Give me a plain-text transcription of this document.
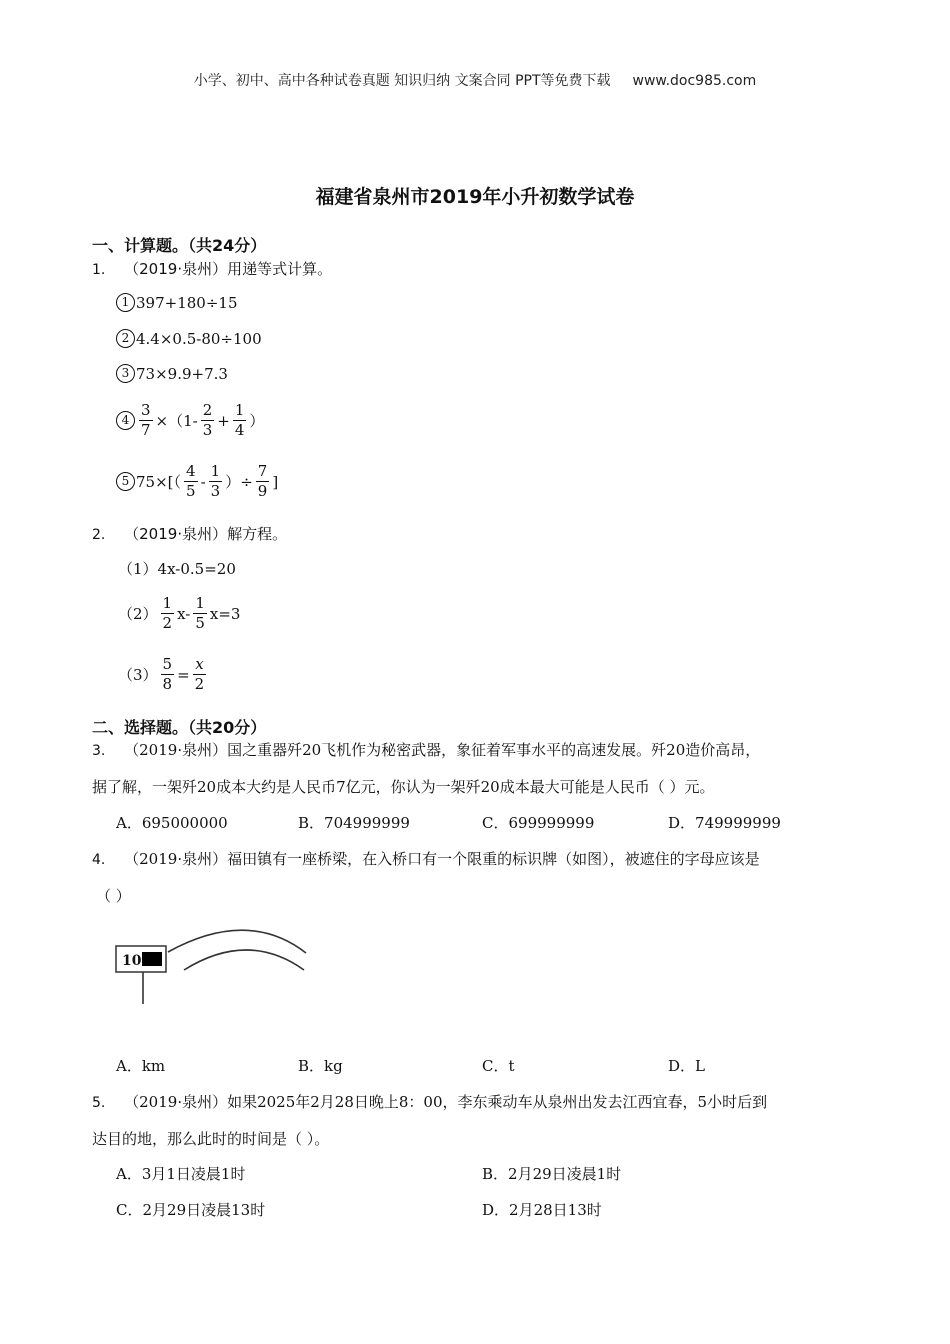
小学、初中、高中各种试卷真题 知识归纳 文案合同 PPT等免费下载 www.doc985.com
福建省泉州市2019年小升初数学试卷
一、计算题。（共24分）
1. （2019·泉州）用递等式计算。
1 397+180÷15
2 4.4×0.5-80÷100
3 73×9.9+7.3
$4 \frac{3}{7} \times(1- \frac{2}{3} + \frac{1}{4}$ ）
5 $75\times[( \frac{4}{5} - \frac{1}{3}$ ）÷ $\frac{7}{9}$ ]
2. （2019·泉州）解方程。
（1）4x-0.5=20
$(2) \frac{1}{2} x- \frac{1}{5} x=3$
$(3) \frac{5}{8} = \frac{x}{2}$
二、选择题。（共20分）
3. （2019·泉州）国之重器歼20飞机作为秘密武器，象征着军事水平的高速发展。歼20造价高昂，
据了解，一架歼20成本大约是人民币7亿元，你认为一架歼20成本最大可能是人民币（ ）元。
A．695000000	B．704999999	C．699999999	D．749999999
4. （2019·泉州）福田镇有一座桥梁，在入桥口有一个限重的标识牌（如图），被遮住的字母应该是
（ ）
10
A．km	B．kg	C．t	D．L
5. （2019·泉州）如果2025年2月28日晚上8：00，李东乘动车从泉州出发去江西宜春，5小时后到
达目的地，那么此时的时间是（ ）。
A．3月1日凌晨1时	B．2月29日凌晨1时
C．2月29日凌晨13时	D．2月28日13时
